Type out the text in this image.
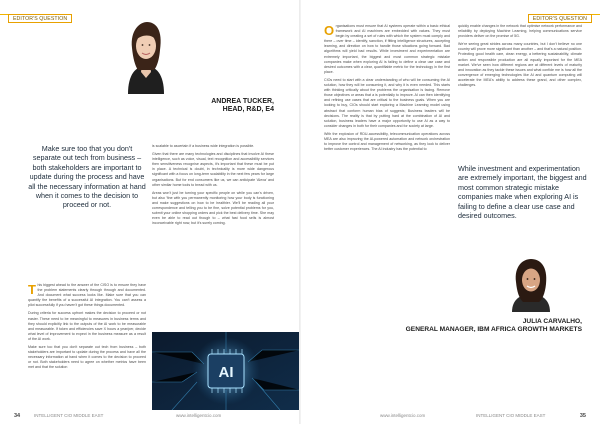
EDITOR'S QUESTION
ANDREA TUCKER,
HEAD, R&D, E4
Make sure too that you don't separate out tech from business – both stakeholders are important to update during the process and have all the necessary information at hand when it comes to the decision to proceed or not.

This biggest ahead to the answer of the CISO is to ensure they have the problem statements clearly through through and documented. And document what success looks like. Make sure that you can quantify the benefits of a successful AI integration. You can't assess a pilot successfully if you haven't got these things documented.

During criteria for success upfront makes the decision to proceed or not easier. These need to be meaningful to measures in business terms and they should explicitly link to the outputs of the AI work to be measurable and measurable. If token and efficiencies save X hours a year/per, decide what level of improvement to expect in the business measure as a result of the AI work.

Make sure too that you don't separate out tech from business – both stakeholders are important to update during the process and have all the necessary information at hand when it comes to the decision to proceed or not. Both stakeholders need to agree on whether metrics have been met and that the solution

is scalable to ascertain if a business wide integration is possible.

Given that there are many technologies and disciplines that involve AI these intelligence, such as voice, visual, text recognition and accessibility services then sensitiveness recognise aspects, it's important that these must be put in place. A technical is doubt, in technicality is more wide dangerous significant with a focus on long-term scalability in the next few years for large organisations. But for end consumers like us, we can anticipate 'Alexa' and other similar home tools to bread with us.

Areas won't just be turning your specific people on while you can's driven, but also 'fine with you permanently monitoring how your body is functioning and make suggestions on how to be healthier. We'll be reading all your correspondence and telling you to be fine, solve potential problems for you, submit your online shopping orders and pick the best delivery time. She may even be able to read out though to – what fast food sells is almost inconceivable right now, but it's surely coming.

AI
INTELLIGENT CIO MIDDLE EAST	www.intelligentcio.com
34
EDITOR'S QUESTION

Organisations must ensure that AI systems operate within a basic ethical framework and AI machines are embedded with values. They must begin by creating a set of rules with which the system must comply and there – over time – identify, sanction, if fitting intelligence structures, accepting learning, and direction on how to handle those situations going forward. Bad algorithms will yield bad results. While investment and experimentation are extremely important, the biggest and most common strategic mistake companies make when exploring AI is failing to define a clear use case and desired outcomes with a clear, quantifiable metric for the technology in the first place.

CIOs need to start with a clear understanding of who will be consuming the AI solution, how they will be consuming it, and why it is even needed. This starts with thinking critically about the problems the organisation is facing. Remove those objectives or areas that a is potentially to improve. AI can then identifying and refining use cases that are critical to the business goals. When you are looking to buy, CIOs should start exploring a Machine Learning model using abstract that conform human bias of suggests; Business leaders will be decisions. The reality is that by putting hard at the combination of AI and solution, business leaders have a major opportunity to use AI as a way to consider changes in both for their companies and for society at large.

With the explosion of RDU-accessibility, telecommunication operations across MEA are also improving the AI-powered automation and network orchestration to improve the control and management of networking, as they look to deliver better customer experiences. The AI industry has the potential to

quickly enable changes in the network that optimise network performance and reliability by deploying Machine Learning, helping communications service providers deliver on the promise of 5G.

We're seeing great strides across many countries, but I don't believe no one country will prove more significant than another – and that's a natural position. Protecting good health care, clean energy, a bettering sustainability, climate action and responsible production are all equally important for the MEA market. We've seen how different regions are at different levels of maturity and innovation as they tackle these issues and what confide me is how all the convergence of emerging technologies like AI and quantum computing will accelerate the MEA's ability to address these grand, and other complex, challenges.

While investment and experimentation are extremely important, the biggest and most common strategic mistake companies make when exploring AI is failing to define a clear use case and desired outcomes.
JULIA CARVALHO,
GENERAL MANAGER, IBM AFRICA GROWTH MARKETS
www.intelligentcio.com	INTELLIGENT CIO MIDDLE EAST	35
